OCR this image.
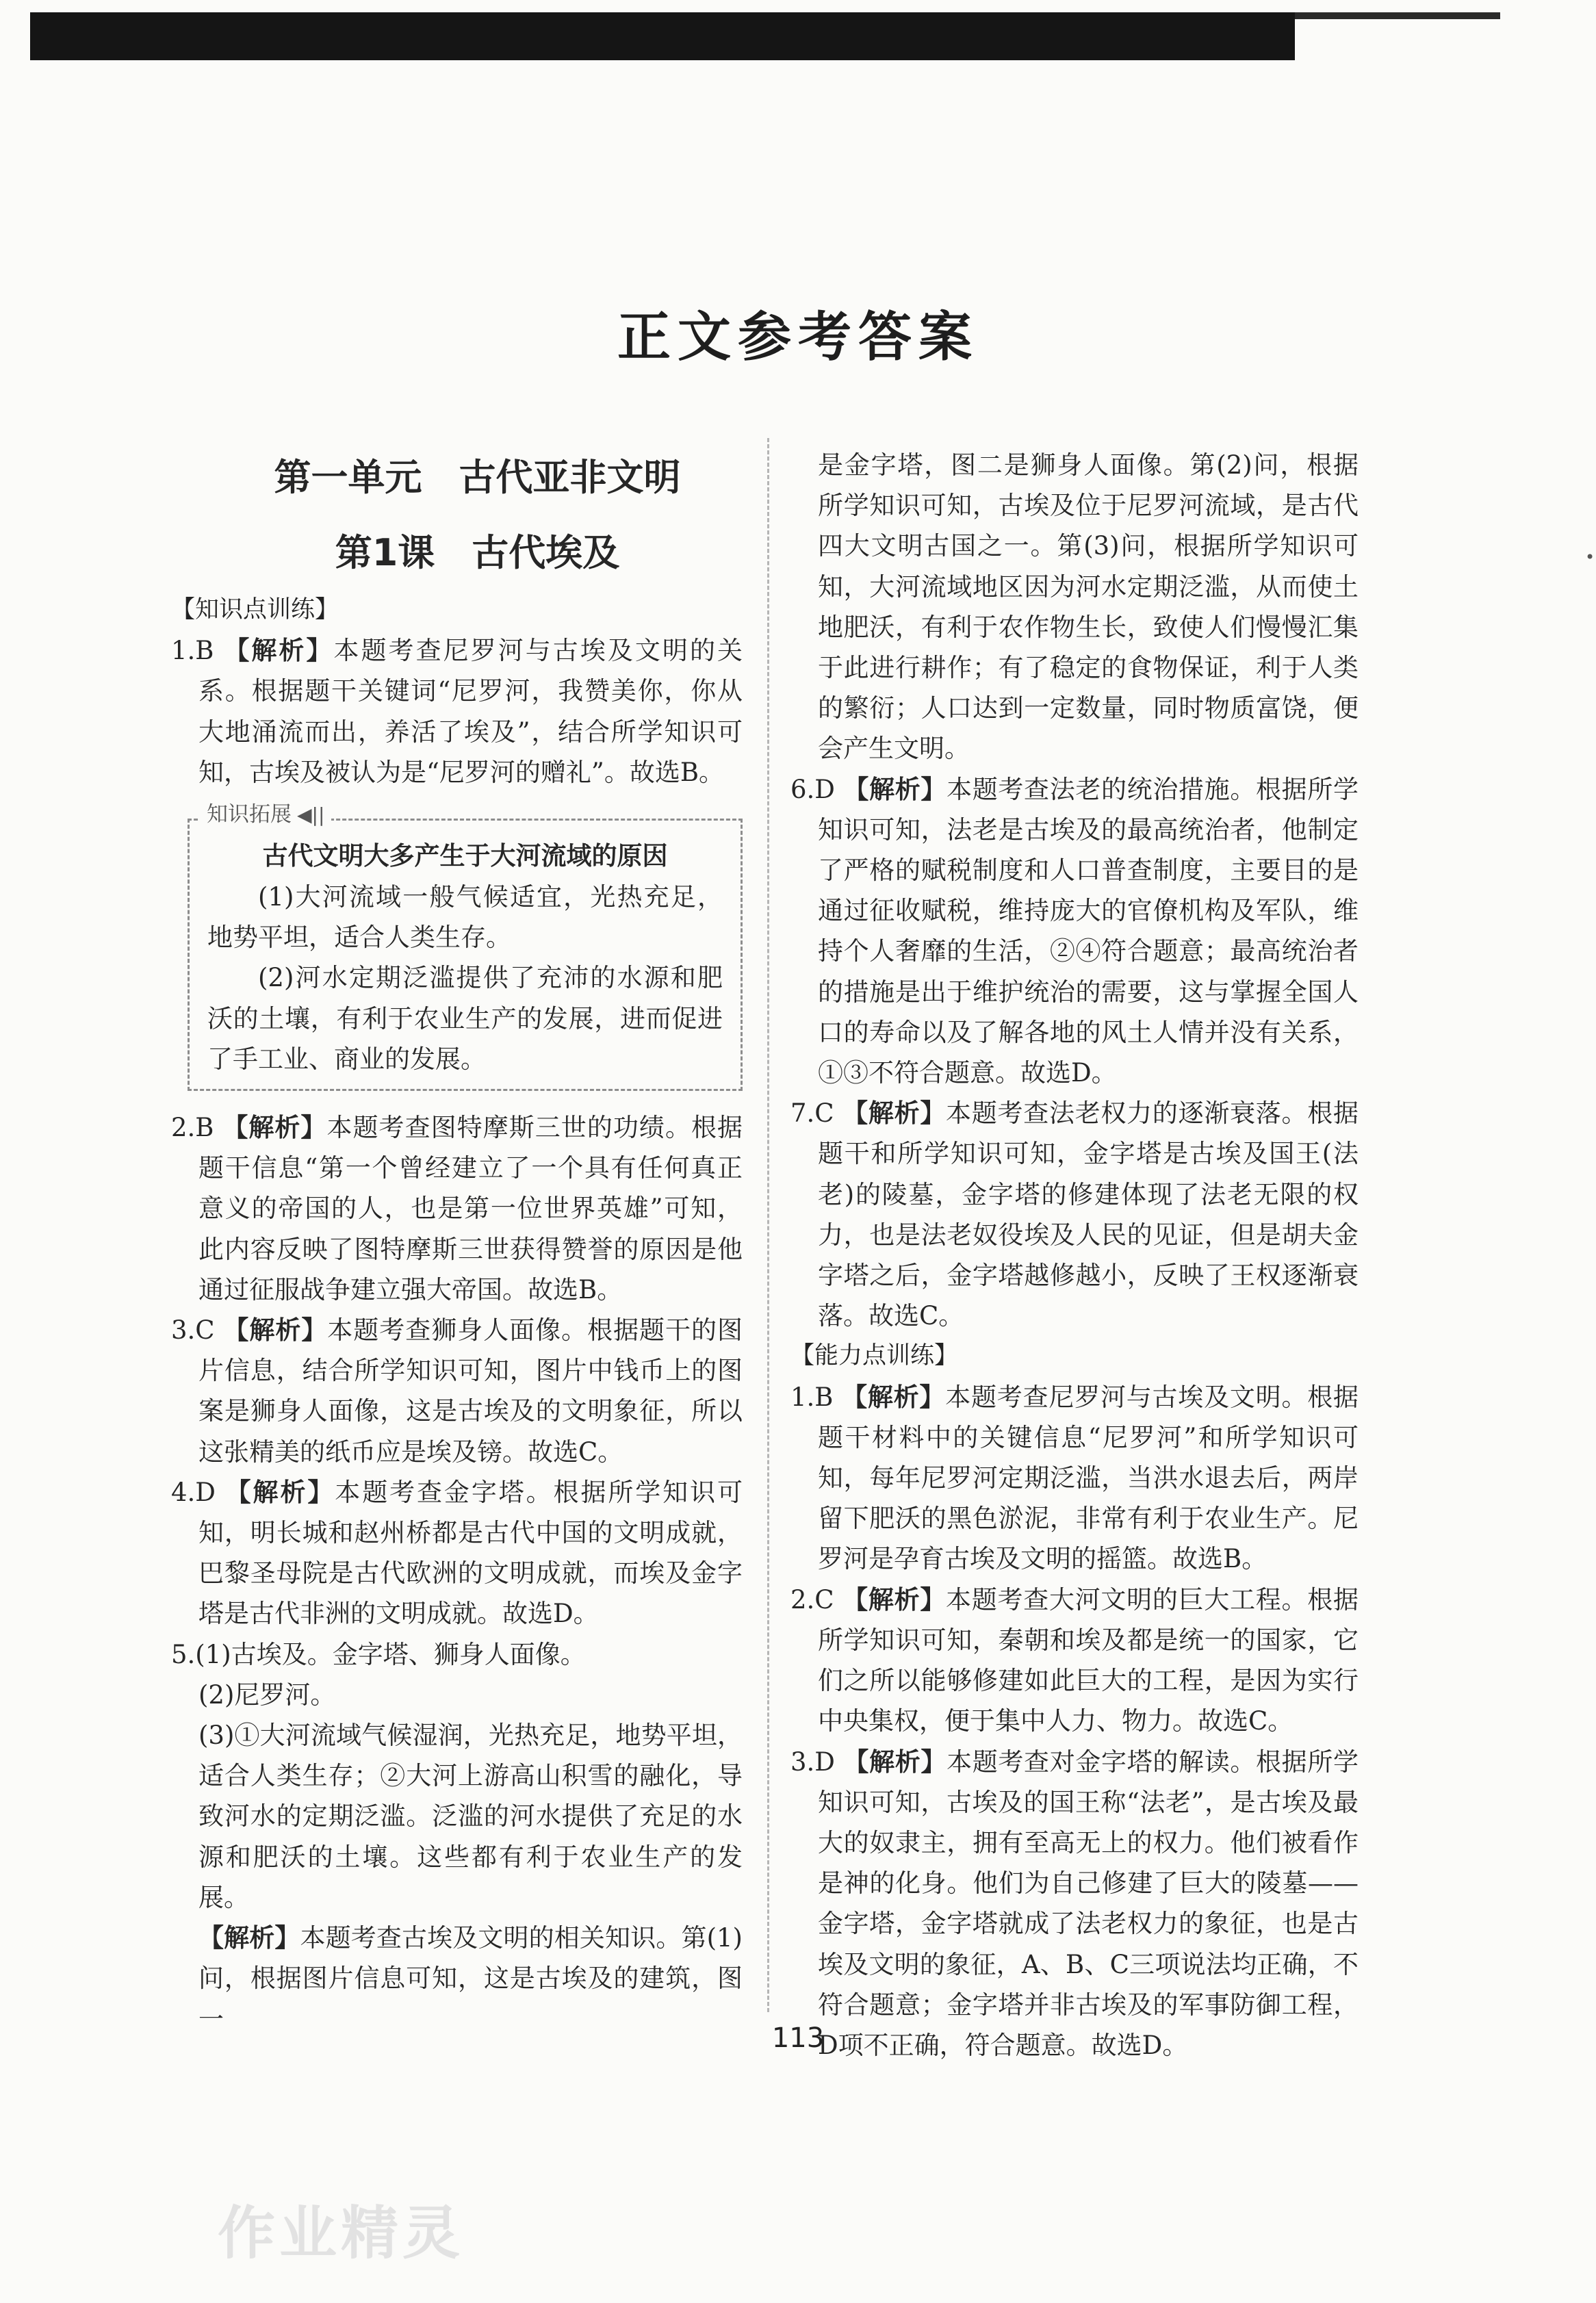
正文参考答案
第一单元　古代亚非文明
第1课　古代埃及
【知识点训练】
1.B 【解析】本题考查尼罗河与古埃及文明的关系。根据题干关键词“尼罗河，我赞美你，你从大地涌流而出，养活了埃及”，结合所学知识可知，古埃及被认为是“尼罗河的赠礼”。故选B。
知识拓展 ◀||
古代文明大多产生于大河流域的原因
(1)大河流域一般气候适宜，光热充足，地势平坦，适合人类生存。
(2)河水定期泛滥提供了充沛的水源和肥沃的土壤，有利于农业生产的发展，进而促进了手工业、商业的发展。
2.B 【解析】本题考查图特摩斯三世的功绩。根据题干信息“第一个曾经建立了一个具有任何真正意义的帝国的人，也是第一位世界英雄”可知，此内容反映了图特摩斯三世获得赞誉的原因是他通过征服战争建立强大帝国。故选B。
3.C 【解析】本题考查狮身人面像。根据题干的图片信息，结合所学知识可知，图片中钱币上的图案是狮身人面像，这是古埃及的文明象征，所以这张精美的纸币应是埃及镑。故选C。
4.D 【解析】本题考查金字塔。根据所学知识可知，明长城和赵州桥都是古代中国的文明成就，巴黎圣母院是古代欧洲的文明成就，而埃及金字塔是古代非洲的文明成就。故选D。
5.(1)古埃及。金字塔、狮身人面像。
(2)尼罗河。
(3)①大河流域气候湿润，光热充足，地势平坦，适合人类生存；②大河上游高山积雪的融化，导致河水的定期泛滥。泛滥的河水提供了充足的水源和肥沃的土壤。这些都有利于农业生产的发展。
【解析】本题考查古埃及文明的相关知识。第(1)问，根据图片信息可知，这是古埃及的建筑，图一
是金字塔，图二是狮身人面像。第(2)问，根据所学知识可知，古埃及位于尼罗河流域，是古代四大文明古国之一。第(3)问，根据所学知识可知，大河流域地区因为河水定期泛滥，从而使土地肥沃，有利于农作物生长，致使人们慢慢汇集于此进行耕作；有了稳定的食物保证，利于人类的繁衍；人口达到一定数量，同时物质富饶，便会产生文明。
6.D 【解析】本题考查法老的统治措施。根据所学知识可知，法老是古埃及的最高统治者，他制定了严格的赋税制度和人口普查制度，主要目的是通过征收赋税，维持庞大的官僚机构及军队，维持个人奢靡的生活，②④符合题意；最高统治者的措施是出于维护统治的需要，这与掌握全国人口的寿命以及了解各地的风土人情并没有关系，①③不符合题意。故选D。
7.C 【解析】本题考查法老权力的逐渐衰落。根据题干和所学知识可知，金字塔是古埃及国王(法老)的陵墓，金字塔的修建体现了法老无限的权力，也是法老奴役埃及人民的见证，但是胡夫金字塔之后，金字塔越修越小，反映了王权逐渐衰落。故选C。
【能力点训练】
1.B 【解析】本题考查尼罗河与古埃及文明。根据题干材料中的关键信息“尼罗河”和所学知识可知，每年尼罗河定期泛滥，当洪水退去后，两岸留下肥沃的黑色淤泥，非常有利于农业生产。尼罗河是孕育古埃及文明的摇篮。故选B。
2.C 【解析】本题考查大河文明的巨大工程。根据所学知识可知，秦朝和埃及都是统一的国家，它们之所以能够修建如此巨大的工程，是因为实行中央集权，便于集中人力、物力。故选C。
3.D 【解析】本题考查对金字塔的解读。根据所学知识可知，古埃及的国王称“法老”，是古埃及最大的奴隶主，拥有至高无上的权力。他们被看作是神的化身。他们为自己修建了巨大的陵墓——金字塔，金字塔就成了法老权力的象征，也是古埃及文明的象征，A、B、C三项说法均正确，不符合题意；金字塔并非古埃及的军事防御工程，D项不正确，符合题意。故选D。
113
作业精灵
•
